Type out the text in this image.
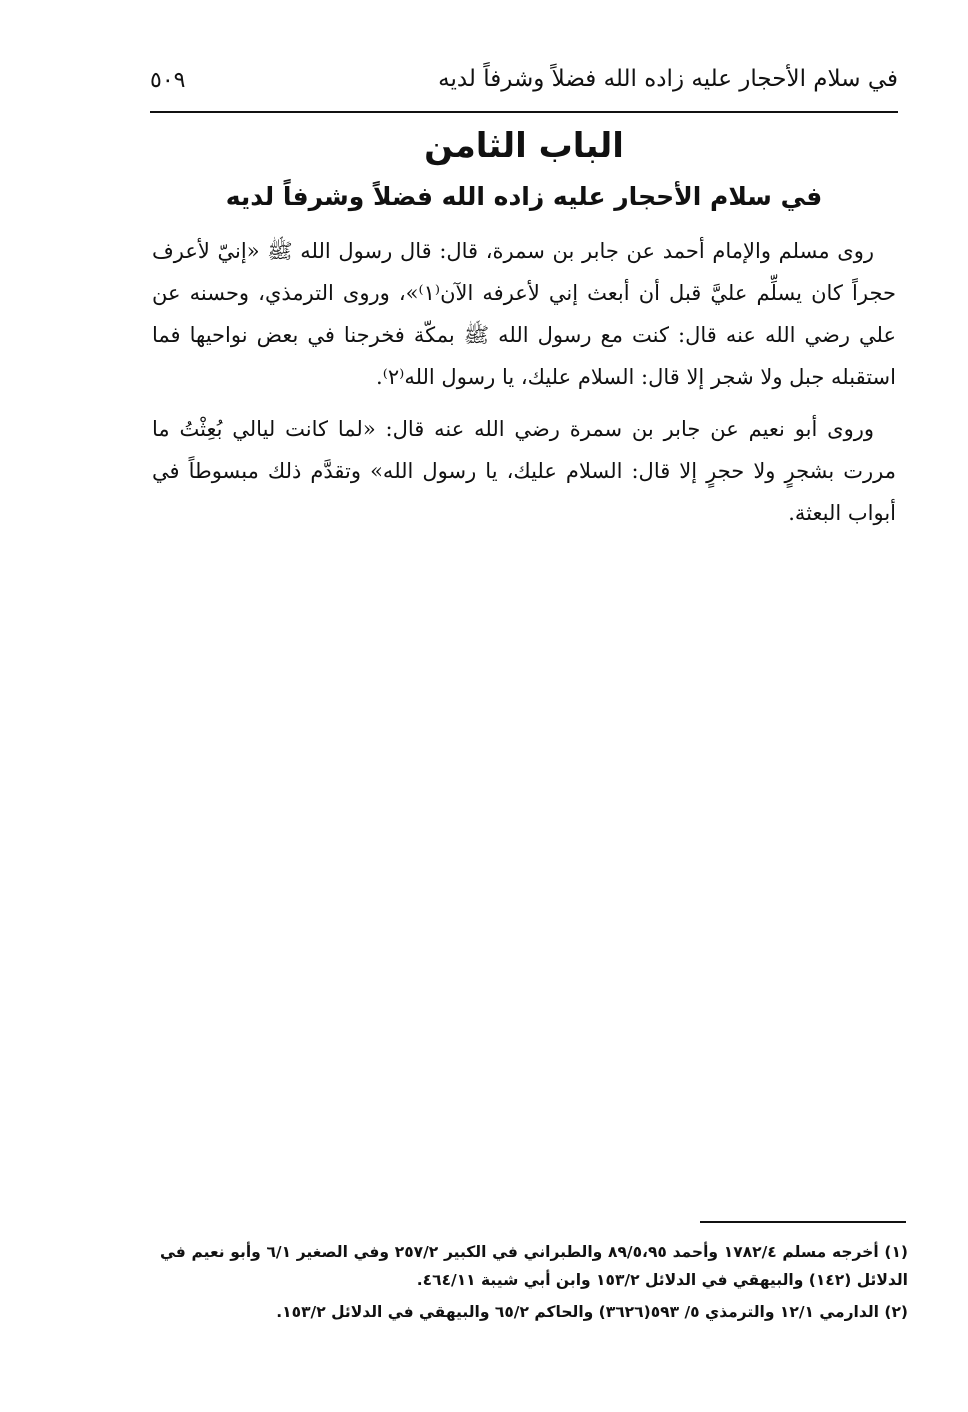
في سلام الأحجار عليه زاده الله فضلاً وشرفاً لديه
٥٠٩
الباب الثامن
في سلام الأحجار عليه زاده الله فضلاً وشرفاً لديه

روى مسلم والإمام أحمد عن جابر بن سمرة، قال: قال رسول الله ﷺ «إنيّ لأعرف حجراً كان يسلِّم عليَّ قبل أن أبعث إني لأعرفه الآن⁽١⁾»، وروى الترمذي، وحسنه عن علي رضي الله عنه قال: كنت مع رسول الله ﷺ بمكّة فخرجنا في بعض نواحيها فما استقبله جبل ولا شجر إلا قال: السلام عليك، يا رسول الله⁽٢⁾.

وروى أبو نعيم عن جابر بن سمرة رضي الله عنه قال: «لما كانت ليالي بُعِثْتُ ما مررت بشجرٍ ولا حجرٍ إلا قال: السلام عليك، يا رسول الله» وتقدَّم ذلك مبسوطاً في أبواب البعثة.

(١) أخرجه مسلم ١٧٨٢/٤ وأحمد ٨٩/٥،٩٥ والطبراني في الكبير ٢٥٧/٢ وفي الصغير ٦/١ وأبو نعيم في الدلائل (١٤٢) والبيهقي في الدلائل ١٥٣/٢ وابن أبي شيبة ٤٦٤/١١.

(٢) الدارمي ١٢/١ والترمذي ٥/ ٥٩٣(٣٦٢٦) والحاكم ٦٥/٢ والبيهقي في الدلائل ١٥٣/٢.
